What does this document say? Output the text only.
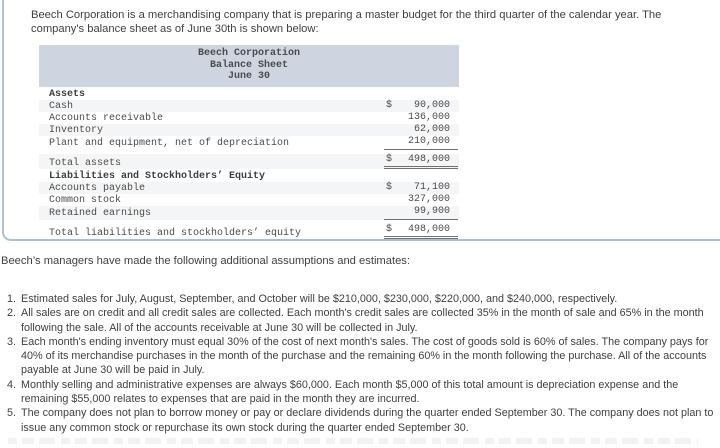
Beech Corporation is a merchandising company that is preparing a master budget for the third quarter of the calendar year. The company's balance sheet as of June 30th is shown below:

Beech Corporation
Balance Sheet
June 30
Assets
Cash	$ 90,000
Accounts receivable	136,000
Inventory	62,000
Plant and equipment, net of depreciation	210,000
Total assets	$ 498,000
Liabilities and Stockholders’ Equity
Accounts payable	$ 71,100
Common stock	327,000
Retained earnings	99,900
Total liabilities and stockholders’ equity	$ 498,000

Beech’s managers have made the following additional assumptions and estimates:

1. Estimated sales for July, August, September, and October will be $210,000, $230,000, $220,000, and $240,000, respectively.
2. All sales are on credit and all credit sales are collected. Each month's credit sales are collected 35% in the month of sale and 65% in the month following the sale. All of the accounts receivable at June 30 will be collected in July.
3. Each month's ending inventory must equal 30% of the cost of next month's sales. The cost of goods sold is 60% of sales. The company pays for 40% of its merchandise purchases in the month of the purchase and the remaining 60% in the month following the purchase. All of the accounts payable at June 30 will be paid in July.
4. Monthly selling and administrative expenses are always $60,000. Each month $5,000 of this total amount is depreciation expense and the remaining $55,000 relates to expenses that are paid in the month they are incurred.
5. The company does not plan to borrow money or pay or declare dividends during the quarter ended September 30. The company does not plan to issue any common stock or repurchase its own stock during the quarter ended September 30.
